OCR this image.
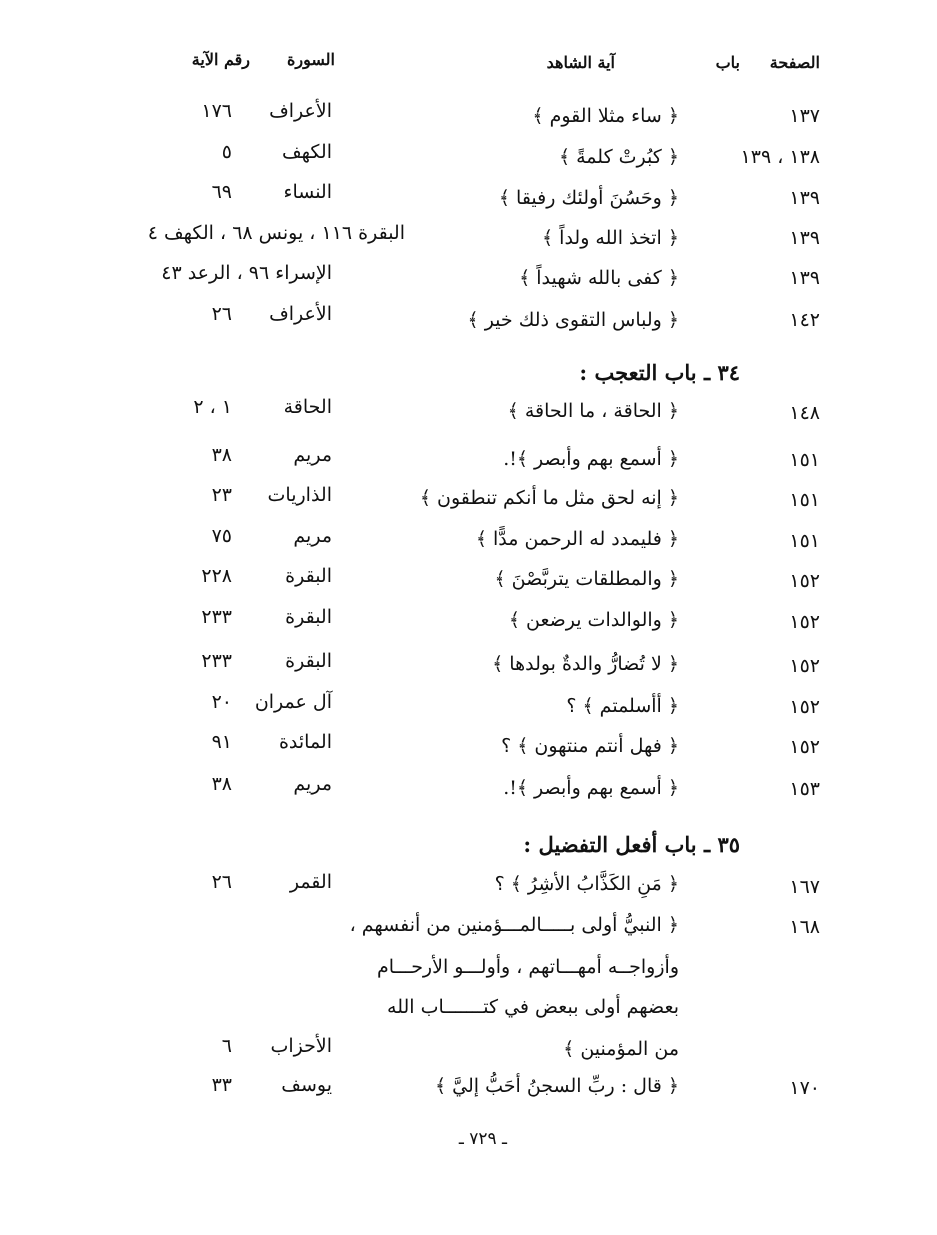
الصفحة
باب
آية الشاهد
السورة
رقم الآية
١٣٧
﴿ ساء مثلا القوم ﴾
الأعراف
١٧٦
١٣٨ ، ١٣٩
﴿ كبُرتْ كلمةً ﴾
الكهف
٥
١٣٩
﴿ وحَسُنَ أولئك رفيقا ﴾
النساء
٦٩
١٣٩
﴿ اتخذ الله ولداً ﴾
البقرة ١١٦ ، يونس ٦٨ ، الكهف ٤
١٣٩
﴿ كفى بالله شهيداً ﴾
الإسراء ٩٦ ، الرعد ٤٣
١٤٢
﴿ ولباس التقوى ذلك خير ﴾
الأعراف
٢٦
٣٤ ـ باب التعجب :
١٤٨
﴿ الحاقة ، ما الحاقة ﴾
الحاقة
١ ، ٢
١٥١
﴿ أسمع بهم وأبصر ﴾!.
مريم
٣٨
١٥١
﴿ إنه لحق مثل ما أنكم تنطقون ﴾
الذاريات
٢٣
١٥١
﴿ فليمدد له الرحمن مدًّا ﴾
مريم
٧٥
١٥٢
﴿ والمطلقات يتربَّصْنَ ﴾
البقرة
٢٢٨
١٥٢
﴿ والوالدات يرضعن ﴾
البقرة
٢٣٣
١٥٢
﴿ لا تُضارُّ والدةٌ بولدها ﴾
البقرة
٢٣٣
١٥٢
﴿ أأسلمتم ﴾ ؟
آل عمران
٢٠
١٥٢
﴿ فهل أنتم منتهون ﴾ ؟
المائدة
٩١
١٥٣
﴿ أسمع بهم وأبصر ﴾!.
مريم
٣٨
٣٥ ـ باب أفعل التفضيل :
١٦٧
﴿ مَنِ الكَذَّابُ الأشِرُ ﴾ ؟
القمر
٢٦
١٦٨
﴿ النبيُّ أولى بـــــالمـــؤمنين من أنفسهم ،
وأزواجــه أمهـــاتهم ، وأولـــو الأرحـــام
بعضهم أولى ببعض في كتـــــــاب الله
من المؤمنين ﴾
الأحزاب
٦
١٧٠
﴿ قال : ربِّ السجنُ أحَبُّ إليَّ ﴾
يوسف
٣٣
ـ ٧٢٩ ـ
